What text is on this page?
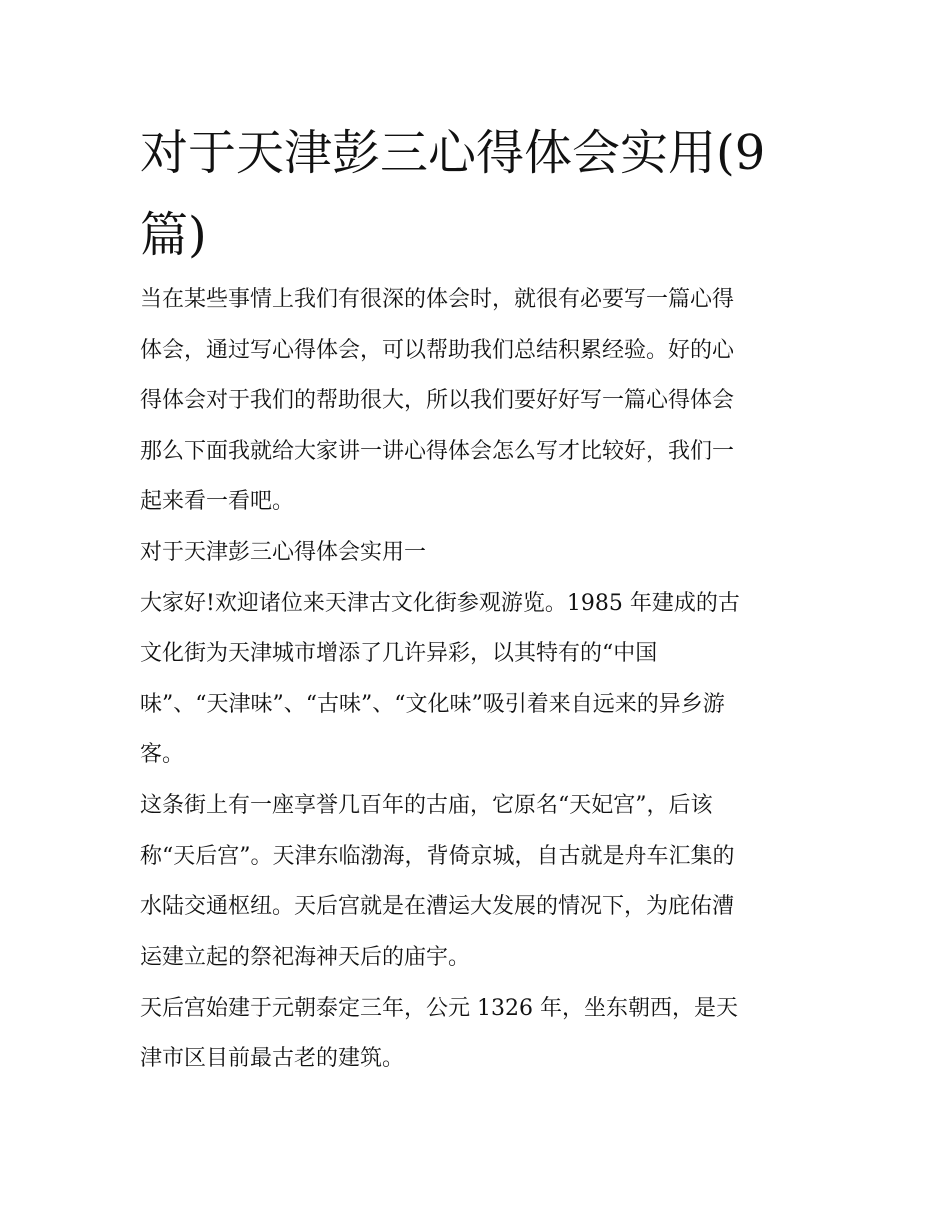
对于天津彭三心得体会实用(9
篇)
当在某些事情上我们有很深的体会时，就很有必要写一篇心得
体会，通过写心得体会，可以帮助我们总结积累经验。好的心
得体会对于我们的帮助很大，所以我们要好好写一篇心得体会
那么下面我就给大家讲一讲心得体会怎么写才比较好，我们一
起来看一看吧。
对于天津彭三心得体会实用一
大家好!欢迎诸位来天津古文化街参观游览。1985 年建成的古
文化街为天津城市增添了几许异彩，以其特有的“中国
味”、“天津味”、“古味”、“文化味”吸引着来自远来的异乡游
客。
这条街上有一座享誉几百年的古庙，它原名“天妃宫”，后该
称“天后宫”。天津东临渤海，背倚京城，自古就是舟车汇集的
水陆交通枢纽。天后宫就是在漕运大发展的情况下，为庇佑漕
运建立起的祭祀海神天后的庙宇。
天后宫始建于元朝泰定三年，公元 1326 年，坐东朝西，是天
津市区目前最古老的建筑。
